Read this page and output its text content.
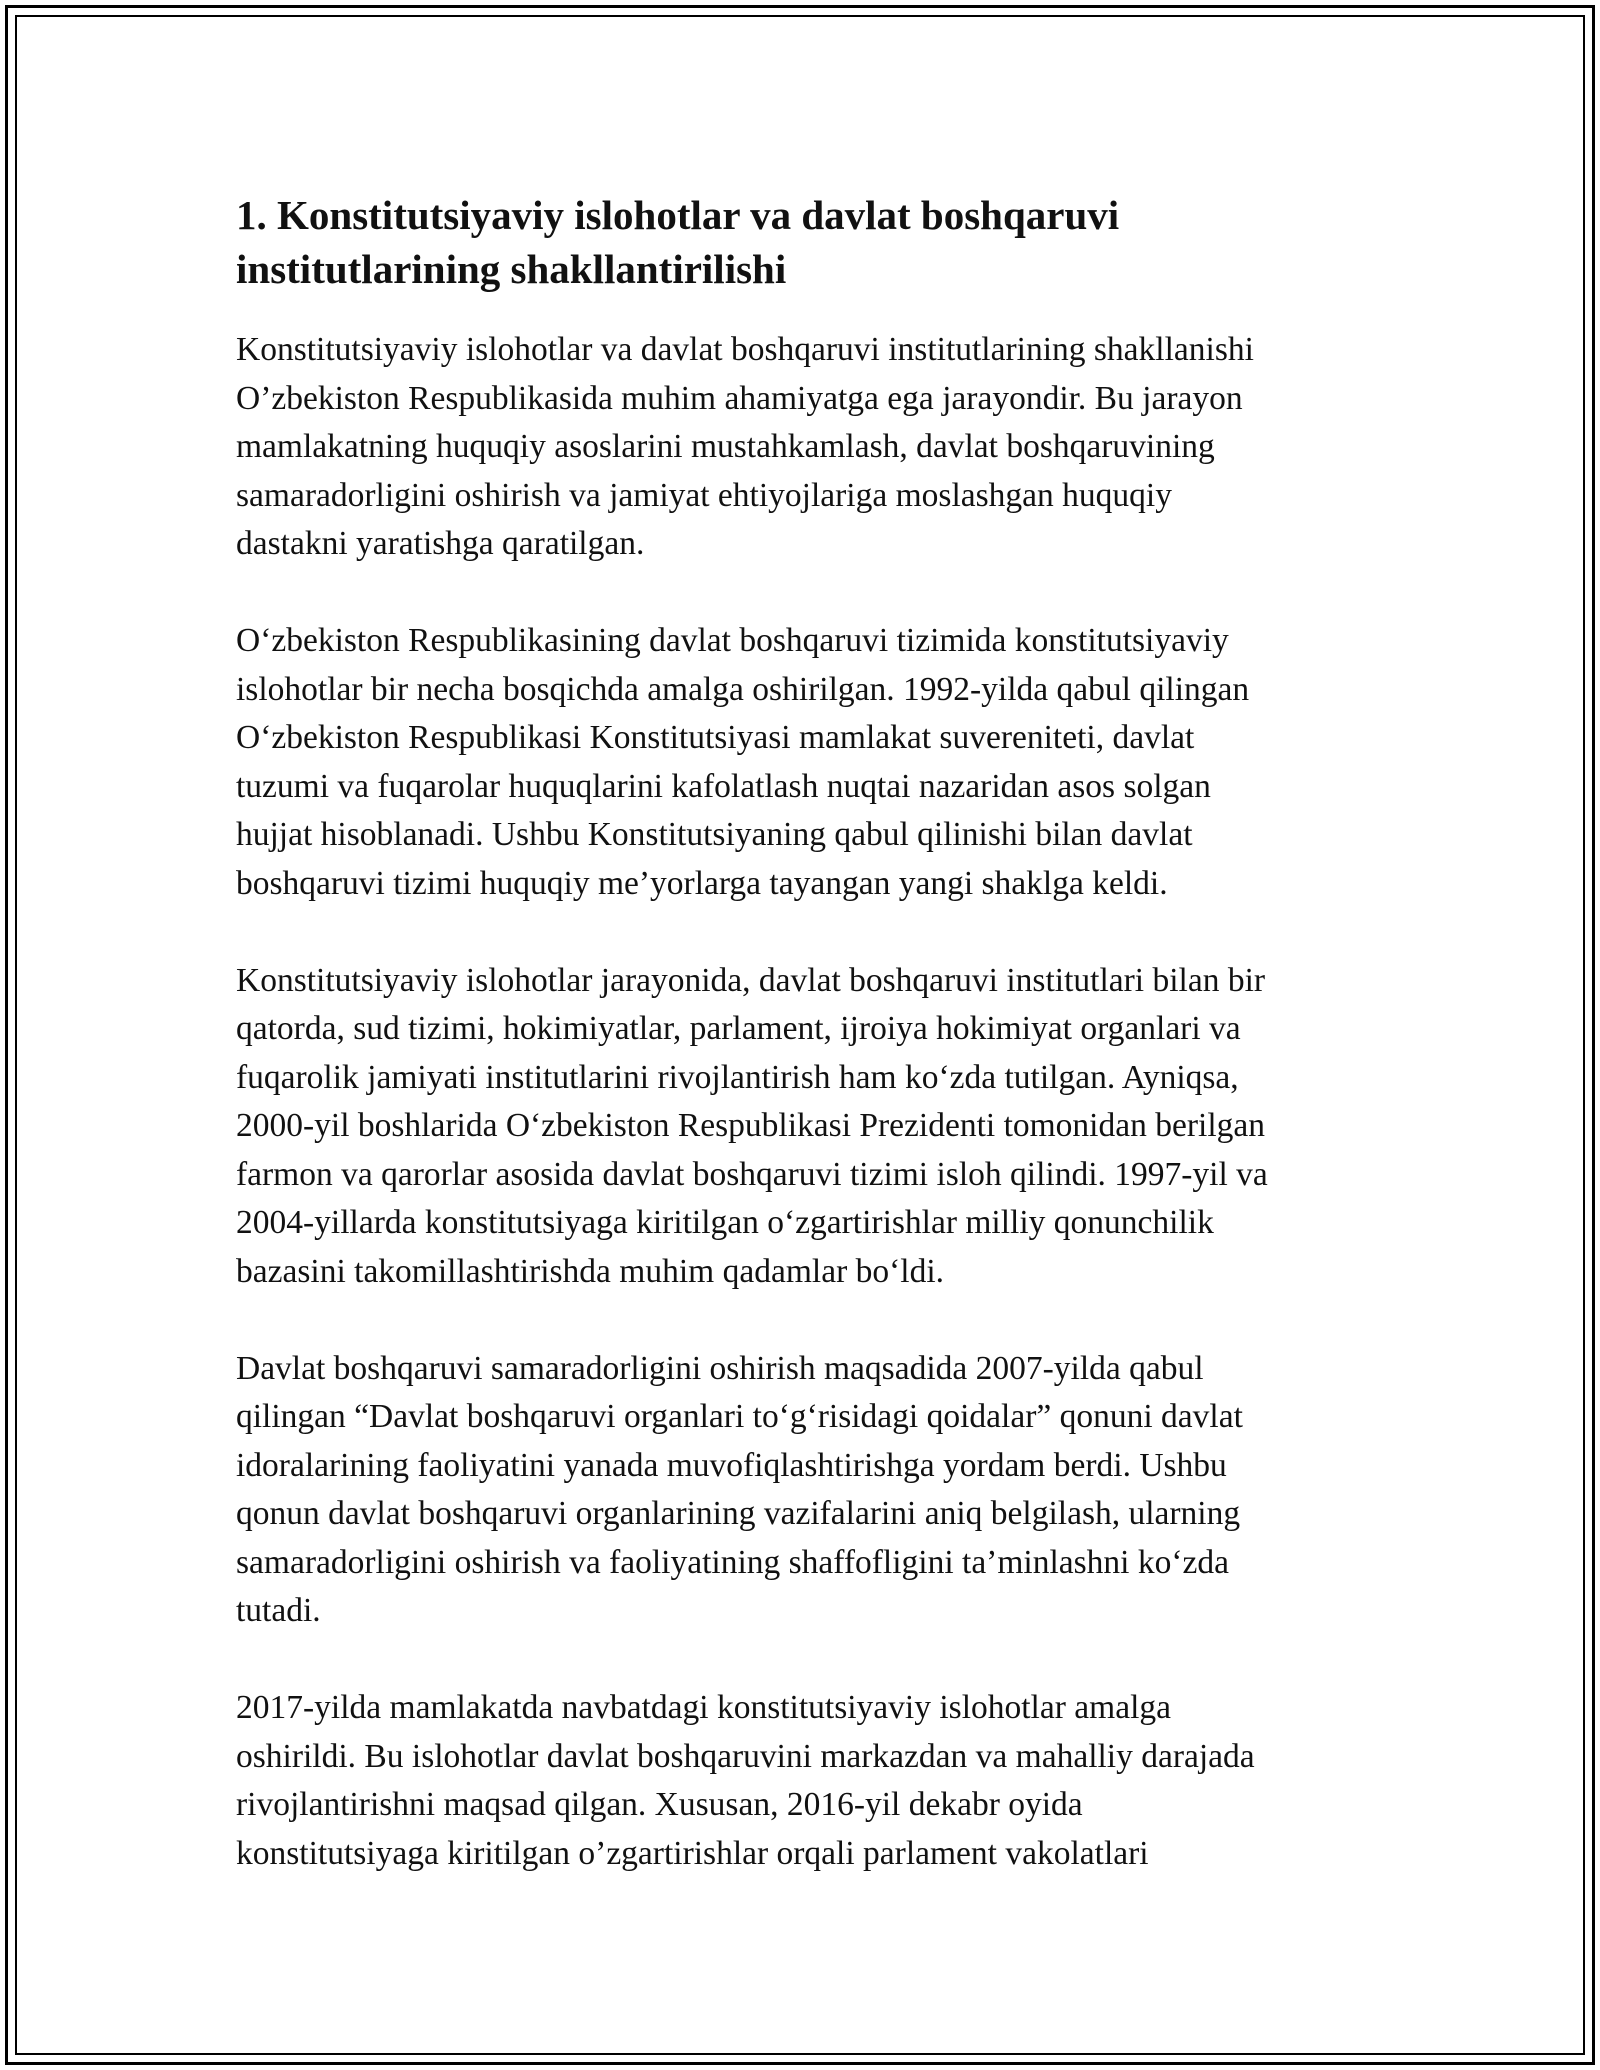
1. Konstitutsiyaviy islohotlar va davlat boshqaruvi
institutlarining shakllantirilishi

Konstitutsiyaviy islohotlar va davlat boshqaruvi institutlarining shakllanishi
O’zbekiston Respublikasida muhim ahamiyatga ega jarayondir. Bu jarayon
mamlakatning huquqiy asoslarini mustahkamlash, davlat boshqaruvining
samaradorligini oshirish va jamiyat ehtiyojlariga moslashgan huquqiy
dastakni yaratishga qaratilgan.

O‘zbekiston Respublikasining davlat boshqaruvi tizimida konstitutsiyaviy
islohotlar bir necha bosqichda amalga oshirilgan. 1992-yilda qabul qilingan
O‘zbekiston Respublikasi Konstitutsiyasi mamlakat suvereniteti, davlat
tuzumi va fuqarolar huquqlarini kafolatlash nuqtai nazaridan asos solgan
hujjat hisoblanadi. Ushbu Konstitutsiyaning qabul qilinishi bilan davlat
boshqaruvi tizimi huquqiy me’yorlarga tayangan yangi shaklga keldi.

Konstitutsiyaviy islohotlar jarayonida, davlat boshqaruvi institutlari bilan bir
qatorda, sud tizimi, hokimiyatlar, parlament, ijroiya hokimiyat organlari va
fuqarolik jamiyati institutlarini rivojlantirish ham ko‘zda tutilgan. Ayniqsa,
2000-yil boshlarida O‘zbekiston Respublikasi Prezidenti tomonidan berilgan
farmon va qarorlar asosida davlat boshqaruvi tizimi isloh qilindi. 1997-yil va
2004-yillarda konstitutsiyaga kiritilgan o‘zgartirishlar milliy qonunchilik
bazasini takomillashtirishda muhim qadamlar bo‘ldi.

Davlat boshqaruvi samaradorligini oshirish maqsadida 2007-yilda qabul
qilingan “Davlat boshqaruvi organlari to‘g‘risidagi qoidalar” qonuni davlat
idoralarining faoliyatini yanada muvofiqlashtirishga yordam berdi. Ushbu
qonun davlat boshqaruvi organlarining vazifalarini aniq belgilash, ularning
samaradorligini oshirish va faoliyatining shaffofligini ta’minlashni ko‘zda
tutadi.

2017-yilda mamlakatda navbatdagi konstitutsiyaviy islohotlar amalga
oshirildi. Bu islohotlar davlat boshqaruvini markazdan va mahalliy darajada
rivojlantirishni maqsad qilgan. Xususan, 2016-yil dekabr oyida
konstitutsiyaga kiritilgan o’zgartirishlar orqali parlament vakolatlari
